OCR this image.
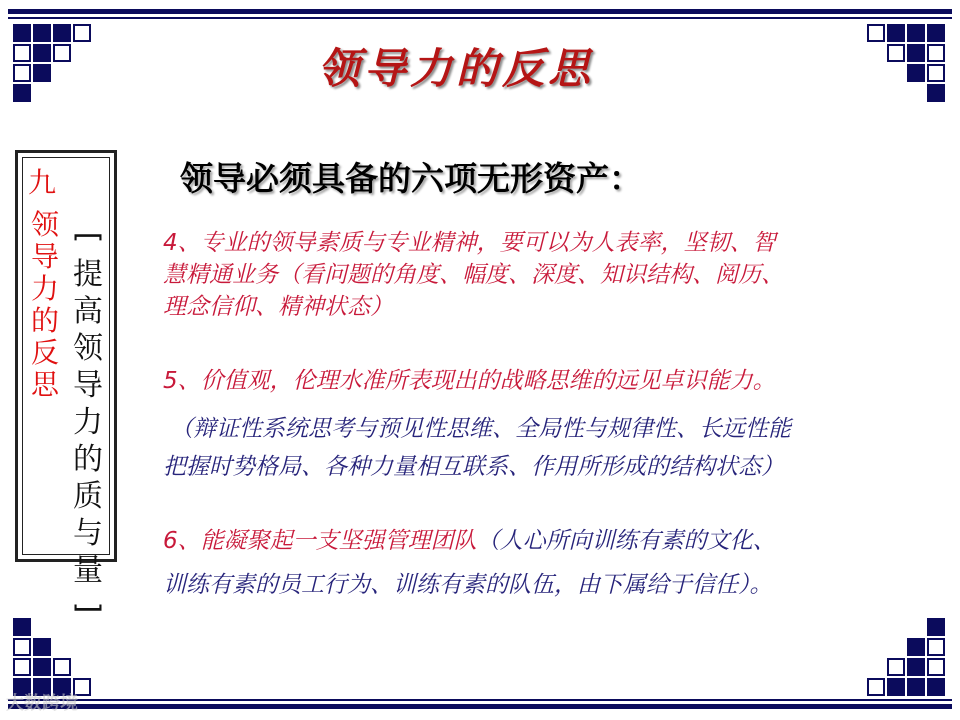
领导力的反思
九
领
导
力
的
反
思
[
提
高
领
导
力
的
质
与
量
]
领导必须具备的六项无形资产：
4、专业的领导素质与专业精神，要可以为人表率，坚韧、智
慧精通业务（看问题的角度、幅度、深度、知识结构、阅历、
理念信仰、精神状态）
5、价值观，伦理水准所表现出的战略思维的远见卓识能力。
（辩证性系统思考与预见性思维、全局性与规律性、长远性能
把握时势格局、各种力量相互联系、作用所形成的结构状态）
6、能凝聚起一支坚强管理团队（人心所向训练有素的文化、
训练有素的员工行为、训练有素的队伍，由下属给于信任）。
大数跨境
